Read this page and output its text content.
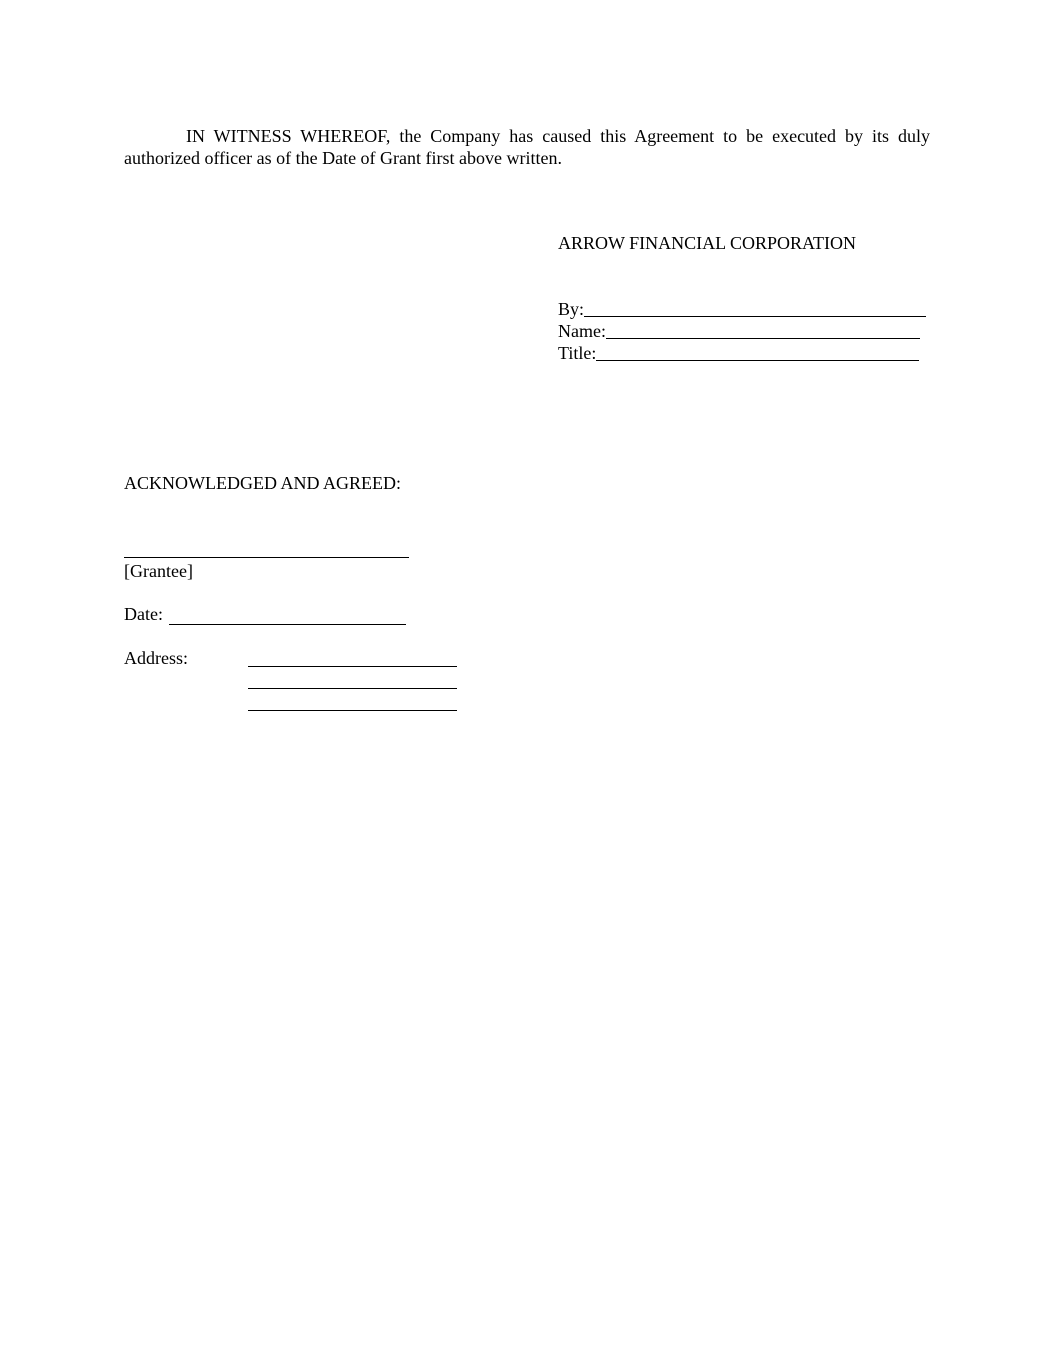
IN WITNESS WHEREOF, the Company has caused this Agreement to be executed by its duly authorized officer as of the Date of Grant first above written.

ARROW FINANCIAL CORPORATION
By:
Name:
Title:
ACKNOWLEDGED AND AGREED:
[Grantee]
Date:
Address:
